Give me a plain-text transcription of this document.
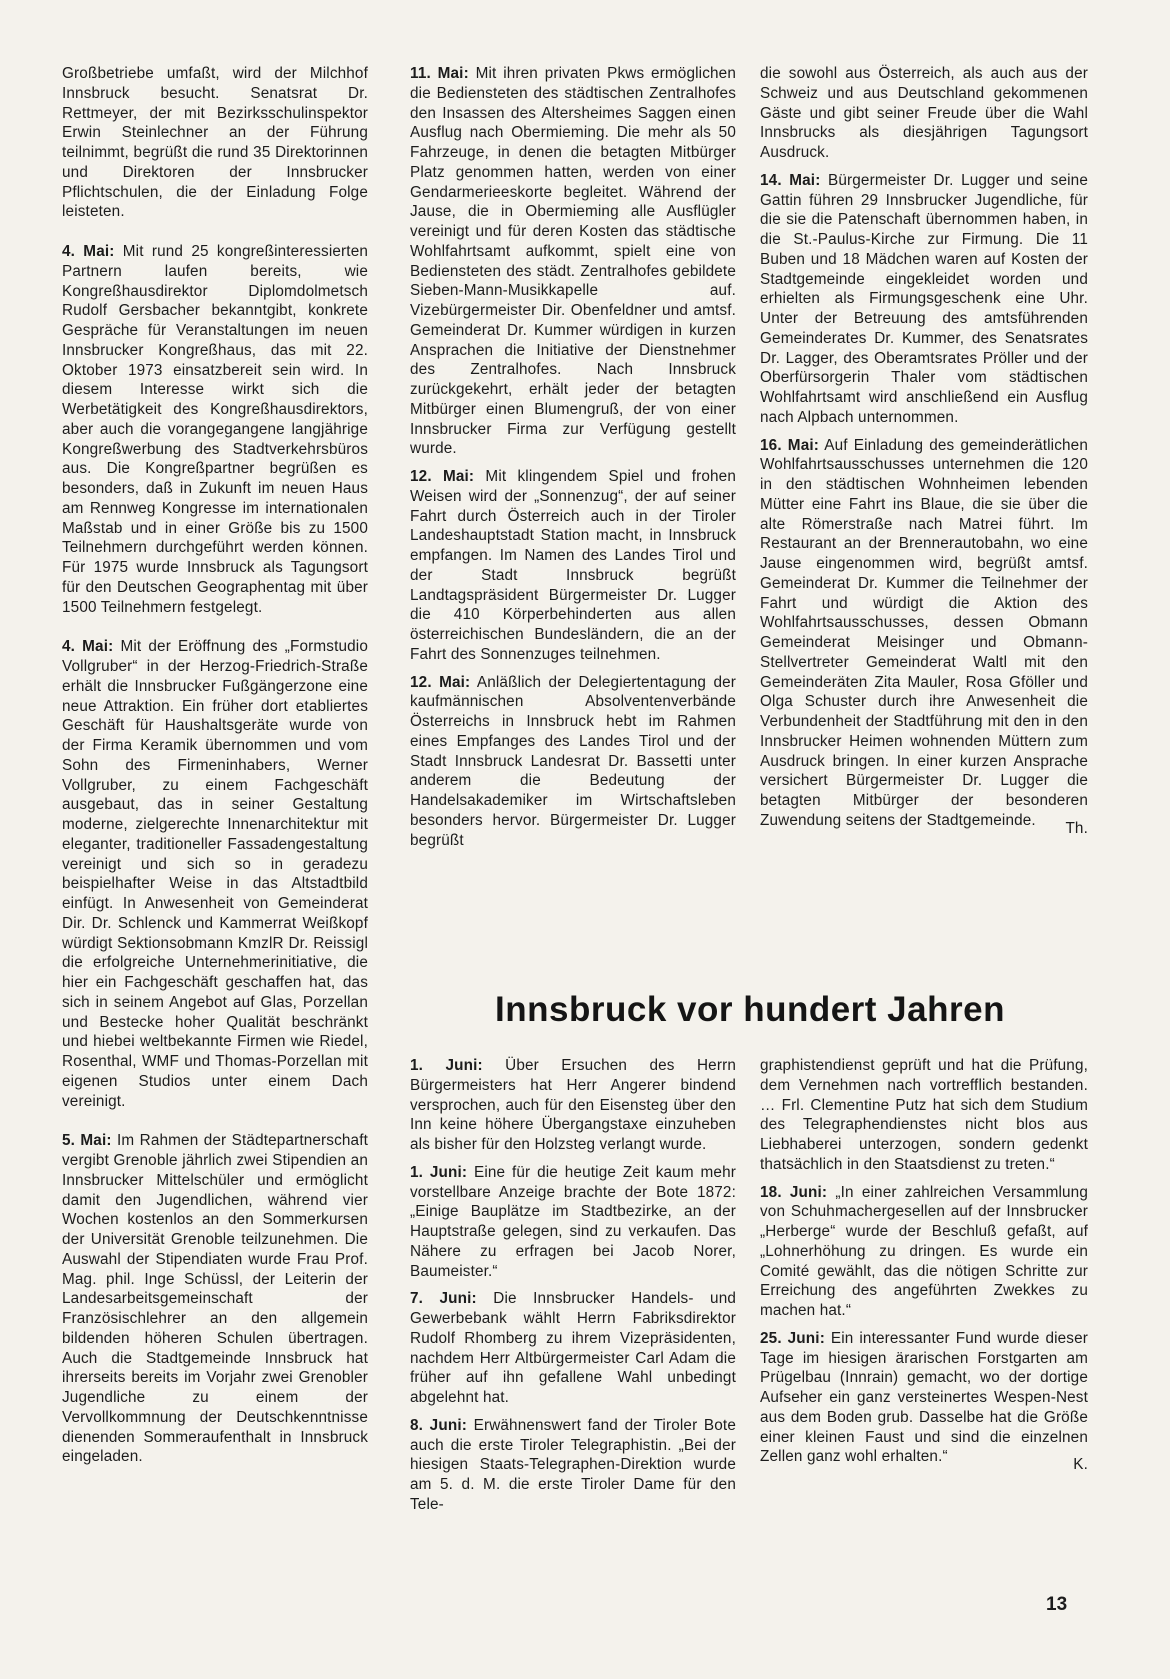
Großbetriebe umfaßt, wird der Milchhof Innsbruck besucht. Senatsrat Dr. Rettmeyer, der mit Bezirksschulinspektor Erwin Steinlechner an der Führung teilnimmt, begrüßt die rund 35 Direktorinnen und Direktoren der Innsbrucker Pflichtschulen, die der Einladung Folge leisteten.

4. Mai: Mit rund 25 kongreßinteressierten Partnern laufen bereits, wie Kongreßhausdirektor Diplomdolmetsch Rudolf Gersbacher bekanntgibt, konkrete Gespräche für Veranstaltungen im neuen Innsbrucker Kongreßhaus, das mit 22. Oktober 1973 einsatzbereit sein wird. In diesem Interesse wirkt sich die Werbetätigkeit des Kongreßhausdirektors, aber auch die vorangegangene langjährige Kongreßwerbung des Stadtverkehrsbüros aus. Die Kongreßpartner begrüßen es besonders, daß in Zukunft im neuen Haus am Rennweg Kongresse im internationalen Maßstab und in einer Größe bis zu 1500 Teilnehmern durchgeführt werden können. Für 1975 wurde Innsbruck als Tagungsort für den Deutschen Geographentag mit über 1500 Teilnehmern festgelegt.

4. Mai: Mit der Eröffnung des „Formstudio Vollgruber“ in der Herzog-Friedrich-Straße erhält die Innsbrucker Fußgängerzone eine neue Attraktion. Ein früher dort etabliertes Geschäft für Haushaltsgeräte wurde von der Firma Keramik übernommen und vom Sohn des Firmeninhabers, Werner Vollgruber, zu einem Fachgeschäft ausgebaut, das in seiner Gestaltung moderne, zielgerechte Innenarchitektur mit eleganter, traditioneller Fassadengestaltung vereinigt und sich so in geradezu beispielhafter Weise in das Altstadtbild einfügt. In Anwesenheit von Gemeinderat Dir. Dr. Schlenck und Kammerrat Weißkopf würdigt Sektionsobmann KmzlR Dr. Reissigl die erfolgreiche Unternehmerinitiative, die hier ein Fachgeschäft geschaffen hat, das sich in seinem Angebot auf Glas, Porzellan und Bestecke hoher Qualität beschränkt und hiebei weltbekannte Firmen wie Riedel, Rosenthal, WMF und Thomas-Porzellan mit eigenen Studios unter einem Dach vereinigt.

5. Mai: Im Rahmen der Städtepartnerschaft vergibt Grenoble jährlich zwei Stipendien an Innsbrucker Mittelschüler und ermöglicht damit den Jugendlichen, während vier Wochen kostenlos an den Sommerkursen der Universität Grenoble teilzunehmen. Die Auswahl der Stipendiaten wurde Frau Prof. Mag. phil. Inge Schüssl, der Leiterin der Landesarbeitsgemeinschaft der Französischlehrer an den allgemein bildenden höheren Schulen übertragen. Auch die Stadtgemeinde Innsbruck hat ihrerseits bereits im Vorjahr zwei Grenobler Jugendliche zu einem der Vervollkommnung der Deutschkenntnisse dienenden Sommeraufenthalt in Innsbruck eingeladen.

11. Mai: Mit ihren privaten Pkws ermöglichen die Bediensteten des städtischen Zentralhofes den Insassen des Altersheimes Saggen einen Ausflug nach Obermieming. Die mehr als 50 Fahrzeuge, in denen die betagten Mitbürger Platz genommen hatten, werden von einer Gendarmerieeskorte begleitet. Während der Jause, die in Obermieming alle Ausflügler vereinigt und für deren Kosten das städtische Wohlfahrtsamt aufkommt, spielt eine von Bediensteten des städt. Zentralhofes gebildete Sieben-Mann-Musikkapelle auf. Vizebürgermeister Dir. Obenfeldner und amtsf. Gemeinderat Dr. Kummer würdigen in kurzen Ansprachen die Initiative der Dienstnehmer des Zentralhofes. Nach Innsbruck zurückgekehrt, erhält jeder der betagten Mitbürger einen Blumengruß, der von einer Innsbrucker Firma zur Verfügung gestellt wurde.

12. Mai: Mit klingendem Spiel und frohen Weisen wird der „Sonnenzug“, der auf seiner Fahrt durch Österreich auch in der Tiroler Landeshauptstadt Station macht, in Innsbruck empfangen. Im Namen des Landes Tirol und der Stadt Innsbruck begrüßt Landtagspräsident Bürgermeister Dr. Lugger die 410 Körperbehinderten aus allen österreichischen Bundesländern, die an der Fahrt des Sonnenzuges teilnehmen.

12. Mai: Anläßlich der Delegiertentagung der kaufmännischen Absolventenverbände Österreichs in Innsbruck hebt im Rahmen eines Empfanges des Landes Tirol und der Stadt Innsbruck Landesrat Dr. Bassetti unter anderem die Bedeutung der Handelsakademiker im Wirtschaftsleben besonders hervor. Bürgermeister Dr. Lugger begrüßt

die sowohl aus Österreich, als auch aus der Schweiz und aus Deutschland gekommenen Gäste und gibt seiner Freude über die Wahl Innsbrucks als diesjährigen Tagungsort Ausdruck.

14. Mai: Bürgermeister Dr. Lugger und seine Gattin führen 29 Innsbrucker Jugendliche, für die sie die Patenschaft übernommen haben, in die St.-Paulus-Kirche zur Firmung. Die 11 Buben und 18 Mädchen waren auf Kosten der Stadtgemeinde eingekleidet worden und erhielten als Firmungsgeschenk eine Uhr. Unter der Betreuung des amtsführenden Gemeinderates Dr. Kummer, des Senatsrates Dr. Lagger, des Oberamtsrates Pröller und der Oberfürsorgerin Thaler vom städtischen Wohlfahrtsamt wird anschließend ein Ausflug nach Alpbach unternommen.

16. Mai: Auf Einladung des gemeinderätlichen Wohlfahrtsausschusses unternehmen die 120 in den städtischen Wohnheimen lebenden Mütter eine Fahrt ins Blaue, die sie über die alte Römerstraße nach Matrei führt. Im Restaurant an der Brennerautobahn, wo eine Jause eingenommen wird, begrüßt amtsf. Gemeinderat Dr. Kummer die Teilnehmer der Fahrt und würdigt die Aktion des Wohlfahrtsausschusses, dessen Obmann Gemeinderat Meisinger und Obmann-Stellvertreter Gemeinderat Waltl mit den Gemeinderäten Zita Mauler, Rosa Gföller und Olga Schuster durch ihre Anwesenheit die Verbundenheit der Stadtführung mit den in den Innsbrucker Heimen wohnenden Müttern zum Ausdruck bringen. In einer kurzen Ansprache versichert Bürgermeister Dr. Lugger die betagten Mitbürger der besonderen Zuwendung seitens der Stadtgemeinde.	Th.
Innsbruck vor hundert Jahren

1. Juni: Über Ersuchen des Herrn Bürgermeisters hat Herr Angerer bindend versprochen, auch für den Eisensteg über den Inn keine höhere Übergangstaxe einzuheben als bisher für den Holzsteg verlangt wurde.

1. Juni: Eine für die heutige Zeit kaum mehr vorstellbare Anzeige brachte der Bote 1872: „Einige Bauplätze im Stadtbezirke, an der Hauptstraße gelegen, sind zu verkaufen. Das Nähere zu erfragen bei Jacob Norer, Baumeister.“

7. Juni: Die Innsbrucker Handels- und Gewerbebank wählt Herrn Fabriksdirektor Rudolf Rhomberg zu ihrem Vizepräsidenten, nachdem Herr Altbürgermeister Carl Adam die früher auf ihn gefallene Wahl unbedingt abgelehnt hat.

8. Juni: Erwähnenswert fand der Tiroler Bote auch die erste Tiroler Telegraphistin. „Bei der hiesigen Staats-Telegraphen-Direktion wurde am 5. d. M. die erste Tiroler Dame für den Tele-

graphistendienst geprüft und hat die Prüfung, dem Vernehmen nach vortrefflich bestanden. … Frl. Clementine Putz hat sich dem Studium des Telegraphendienstes nicht blos aus Liebhaberei unterzogen, sondern gedenkt thatsächlich in den Staatsdienst zu treten.“

18. Juni: „In einer zahlreichen Versammlung von Schuhmachergesellen auf der Innsbrucker „Herberge“ wurde der Beschluß gefaßt, auf „Lohnerhöhung zu dringen. Es wurde ein Comité gewählt, das die nötigen Schritte zur Erreichung des angeführten Zwekkes zu machen hat.“

25. Juni: Ein interessanter Fund wurde dieser Tage im hiesigen ärarischen Forstgarten am Prügelbau (Innrain) gemacht, wo der dortige Aufseher ein ganz versteinertes Wespen-Nest aus dem Boden grub. Dasselbe hat die Größe einer kleinen Faust und sind die einzelnen Zellen ganz wohl erhalten.“	K.
13
